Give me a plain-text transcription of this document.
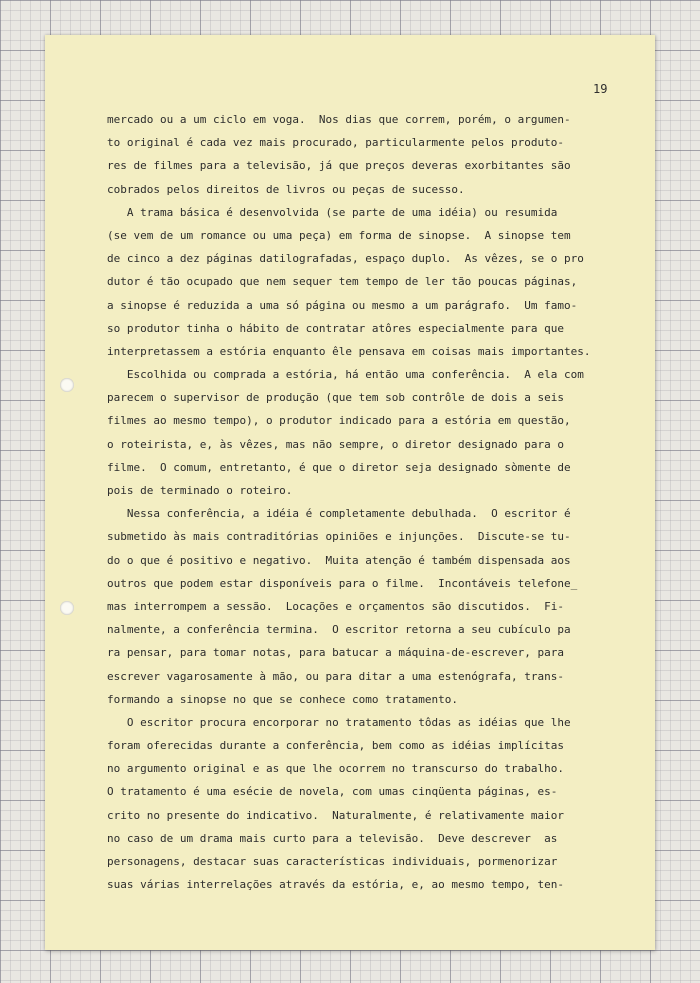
19
mercado ou a um ciclo em voga.  Nos dias que correm, porém, o argumen-
to original é cada vez mais procurado, particularmente pelos produto-
res de filmes para a televisão, já que preços deveras exorbitantes são
cobrados pelos direitos de livros ou peças de sucesso.
A trama básica é desenvolvida (se parte de uma idéia) ou resumida
(se vem de um romance ou uma peça) em forma de sinopse.  A sinopse tem
de cinco a dez páginas datilografadas, espaço duplo.  As vêzes, se o pro
dutor é tão ocupado que nem sequer tem tempo de ler tão poucas páginas,
a sinopse é reduzida a uma só página ou mesmo a um parágrafo.  Um famo-
so produtor tinha o hábito de contratar atôres especialmente para que
interpretassem a estória enquanto êle pensava em coisas mais importantes.
Escolhida ou comprada a estória, há então uma conferência.  A ela com
parecem o supervisor de produção (que tem sob contrôle de dois a seis
filmes ao mesmo tempo), o produtor indicado para a estória em questão,
o roteirista, e, às vêzes, mas não sempre, o diretor designado para o
filme.  O comum, entretanto, é que o diretor seja designado sòmente de
pois de terminado o roteiro.
Nessa conferência, a idéia é completamente debulhada.  O escritor é
submetido às mais contraditórias opiniões e injunções.  Discute-se tu-
do o que é positivo e negativo.  Muita atenção é também dispensada aos
outros que podem estar disponíveis para o filme.  Incontáveis telefone_
mas interrompem a sessão.  Locações e orçamentos são discutidos.  Fi-
nalmente, a conferência termina.  O escritor retorna a seu cubículo pa
ra pensar, para tomar notas, para batucar a máquina-de-escrever, para
escrever vagarosamente à mão, ou para ditar a uma estenógrafa, trans-
formando a sinopse no que se conhece como tratamento.
O escritor procura encorporar no tratamento tôdas as idéias que lhe
foram oferecidas durante a conferência, bem como as idéias implícitas
no argumento original e as que lhe ocorrem no transcurso do trabalho.
O tratamento é uma esécie de novela, com umas cinqüenta páginas, es-
crito no presente do indicativo.  Naturalmente, é relativamente maior
no caso de um drama mais curto para a televisão.  Deve descrever  as
personagens, destacar suas características individuais, pormenorizar
suas várias interrelações através da estória, e, ao mesmo tempo, ten-
